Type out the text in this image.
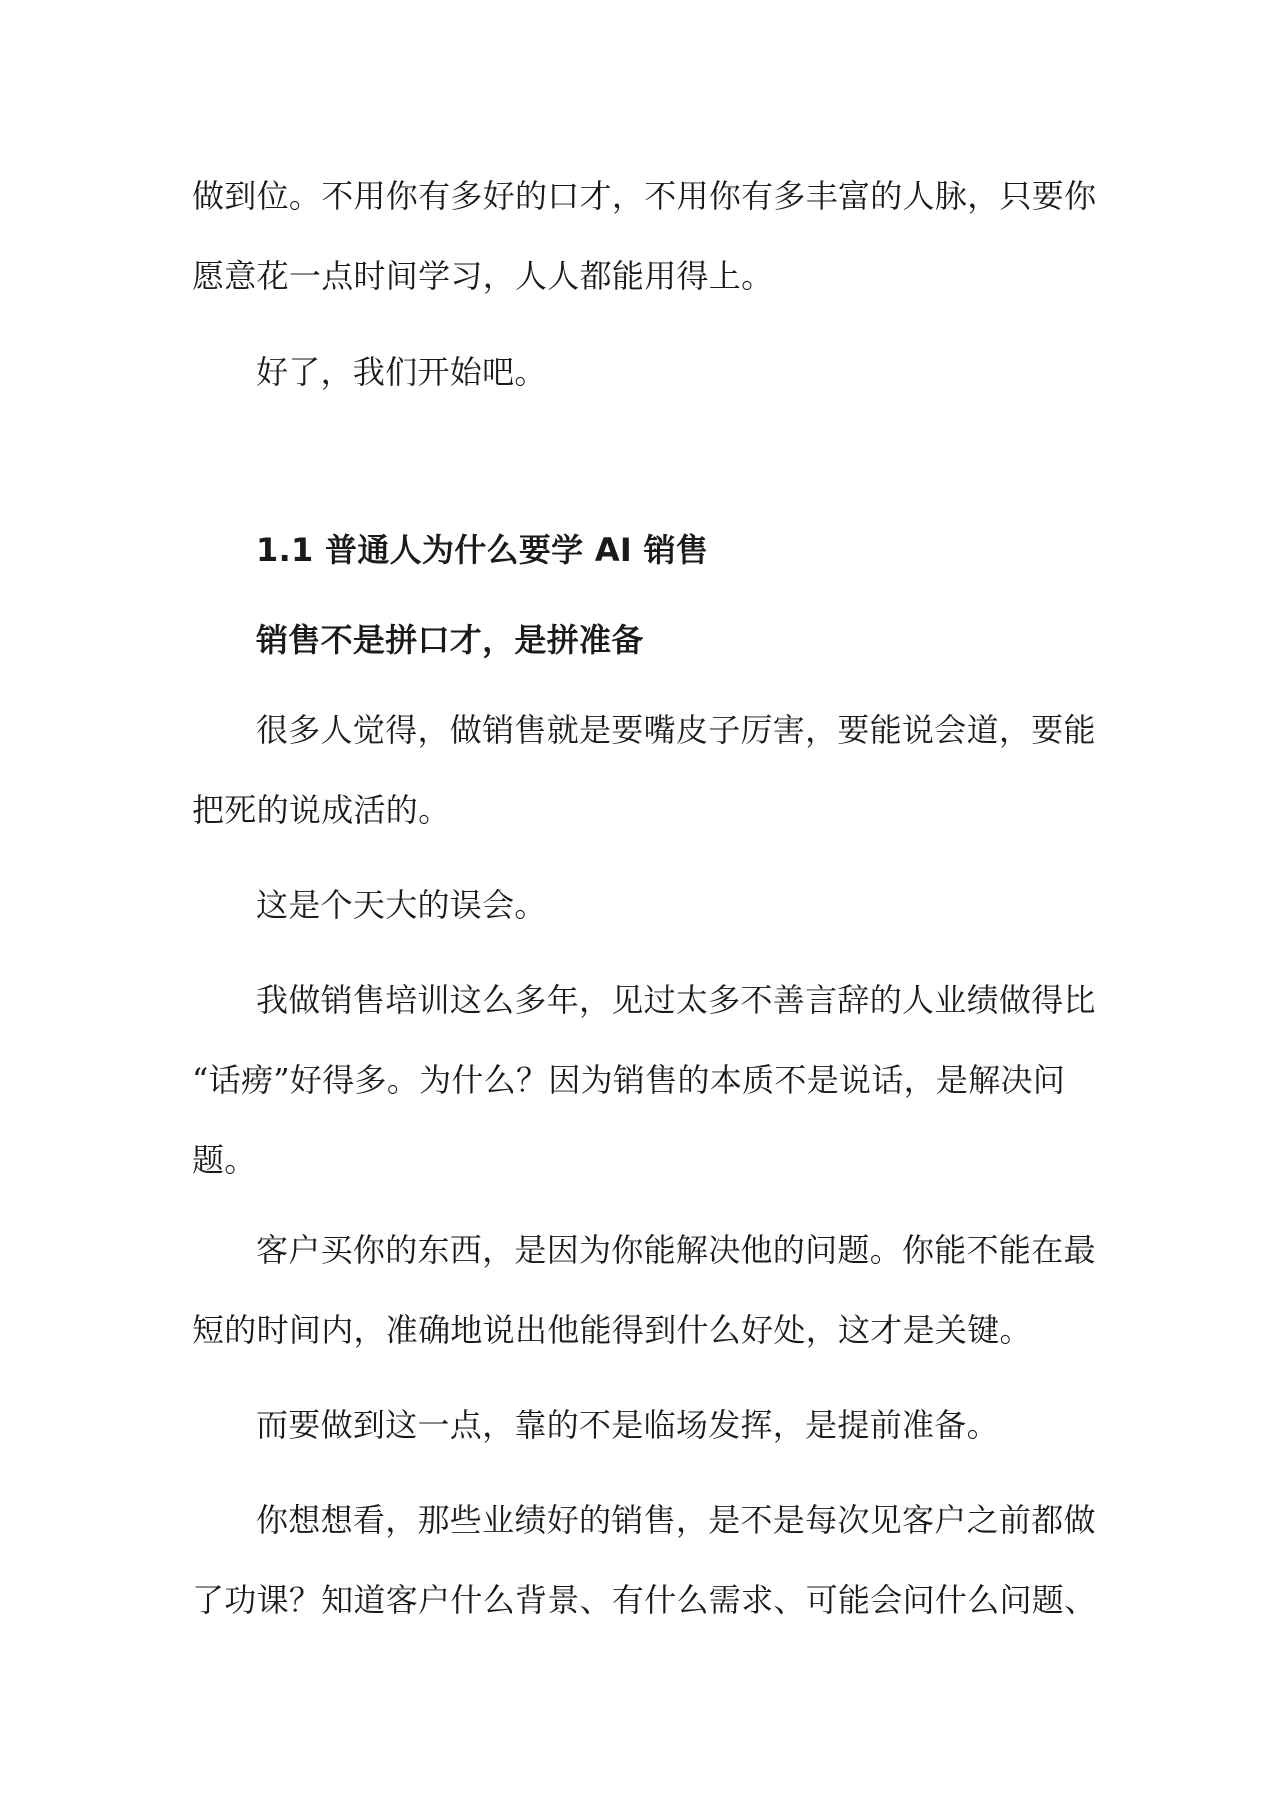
做到位。不用你有多好的口才，不用你有多丰富的人脉，只要你
愿意花一点时间学习，人人都能用得上。
好了，我们开始吧。
1.1 普通人为什么要学 AI 销售
销售不是拼口才，是拼准备
很多人觉得，做销售就是要嘴皮子厉害，要能说会道，要能
把死的说成活的。
这是个天大的误会。
我做销售培训这么多年，见过太多不善言辞的人业绩做得比
“话痨”好得多。为什么？因为销售的本质不是说话，是解决问
题。
客户买你的东西，是因为你能解决他的问题。你能不能在最
短的时间内，准确地说出他能得到什么好处，这才是关键。
而要做到这一点，靠的不是临场发挥，是提前准备。
你想想看，那些业绩好的销售，是不是每次见客户之前都做
了功课？知道客户什么背景、有什么需求、可能会问什么问题、
